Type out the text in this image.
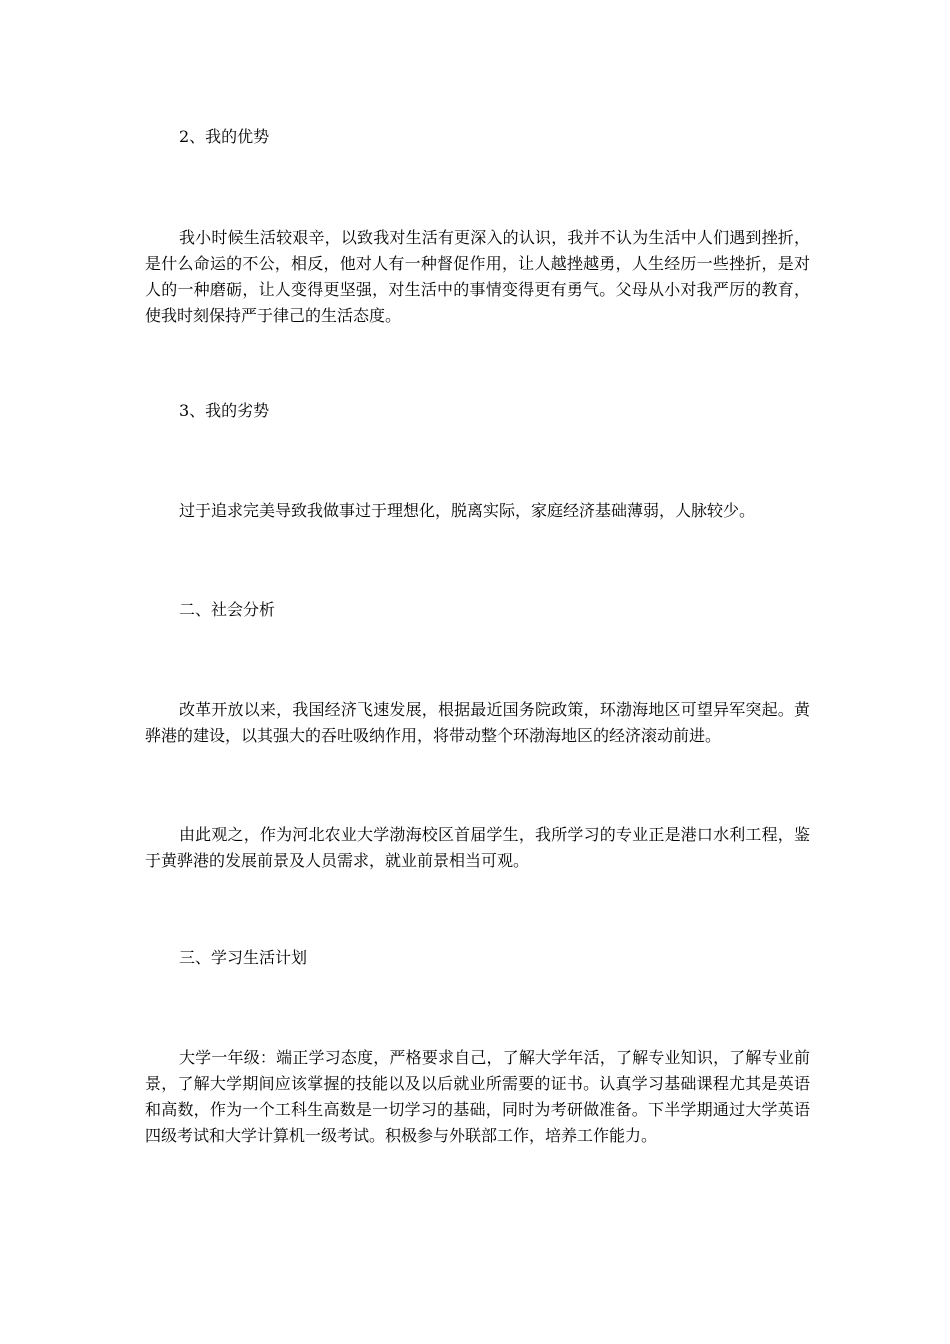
2、我的优势

我小时候生活较艰辛，以致我对生活有更深入的认识，我并不认为生活中人们遇到挫折，是什么命运的不公，相反，他对人有一种督促作用，让人越挫越勇，人生经历一些挫折，是对人的一种磨砺，让人变得更坚强，对生活中的事情变得更有勇气。父母从小对我严厉的教育，使我时刻保持严于律己的生活态度。

3、我的劣势

过于追求完美导致我做事过于理想化，脱离实际，家庭经济基础薄弱，人脉较少。

二、社会分析

改革开放以来，我国经济飞速发展，根据最近国务院政策，环渤海地区可望异军突起。黄骅港的建设，以其强大的吞吐吸纳作用，将带动整个环渤海地区的经济滚动前进。

由此观之，作为河北农业大学渤海校区首届学生，我所学习的专业正是港口水利工程，鉴于黄骅港的发展前景及人员需求，就业前景相当可观。

三、学习生活计划

大学一年级：端正学习态度，严格要求自己，了解大学年活，了解专业知识，了解专业前景，了解大学期间应该掌握的技能以及以后就业所需要的证书。认真学习基础课程尤其是英语和高数，作为一个工科生高数是一切学习的基础，同时为考研做准备。下半学期通过大学英语四级考试和大学计算机一级考试。积极参与外联部工作，培养工作能力。
